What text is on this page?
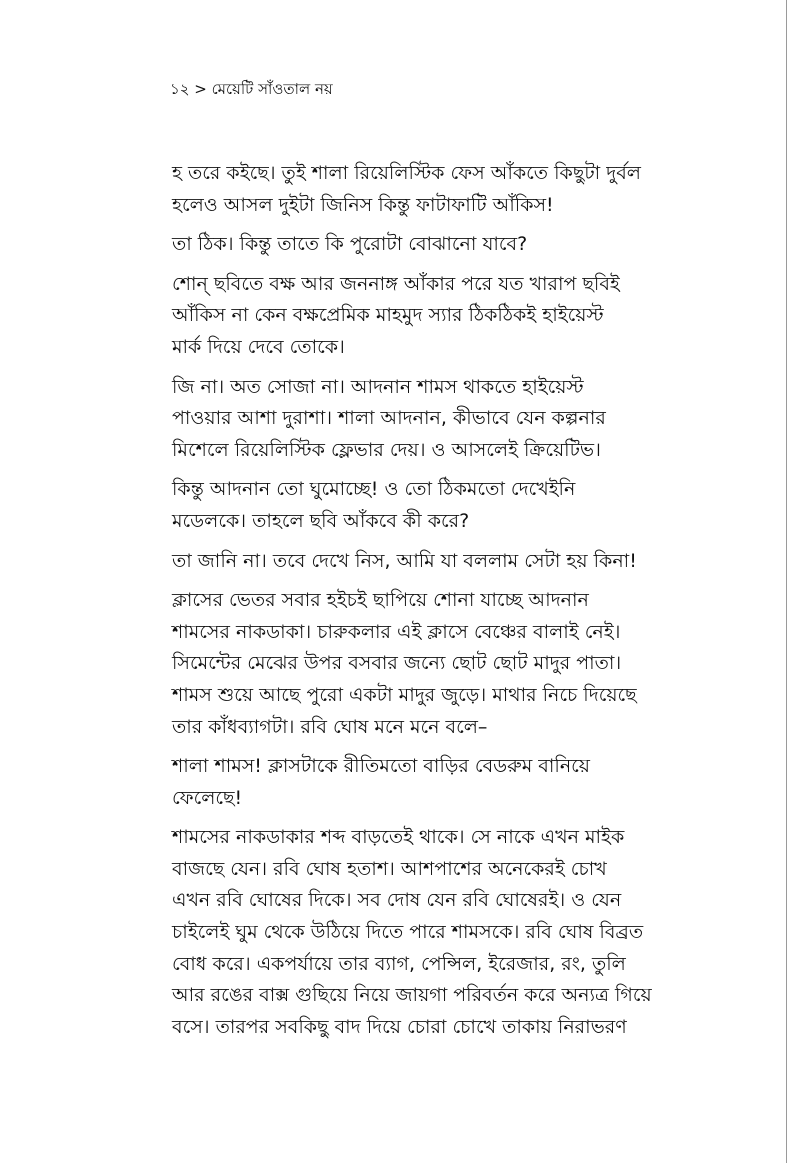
১২ > মেয়েটি সাঁওতাল নয়

হ তরে কইছে। তুই শালা রিয়েলিস্টিক ফেস আঁকতে কিছুটা দুর্বল
হলেও আসল দুইটা জিনিস কিন্তু ফাটাফাটি আঁকিস!

তা ঠিক। কিন্তু তাতে কি পুরোটা বোঝানো যাবে?

শোন্ ছবিতে বক্ষ আর জননাঙ্গ আঁকার পরে যত খারাপ ছবিই
আঁকিস না কেন বক্ষপ্রেমিক মাহমুদ স্যার ঠিকঠিকই হাইয়েস্ট
মার্ক দিয়ে দেবে তোকে।

জি না। অত সোজা না। আদনান শামস থাকতে হাইয়েস্ট
পাওয়ার আশা দুরাশা। শালা আদনান, কীভাবে যেন কল্পনার
মিশেলে রিয়েলিস্টিক ফ্লেভার দেয়। ও আসলেই ক্রিয়েটিভ।

কিন্তু আদনান তো ঘুমোচ্ছে! ও তো ঠিকমতো দেখেইনি
মডেলকে। তাহলে ছবি আঁকবে কী করে?

তা জানি না। তবে দেখে নিস, আমি যা বললাম সেটা হয় কিনা!

ক্লাসের ভেতর সবার হইচই ছাপিয়ে শোনা যাচ্ছে আদনান
শামসের নাকডাকা। চারুকলার এই ক্লাসে বেঞ্চের বালাই নেই।
সিমেন্টের মেঝের উপর বসবার জন্যে ছোট ছোট মাদুর পাতা।
শামস শুয়ে আছে পুরো একটা মাদুর জুড়ে। মাথার নিচে দিয়েছে
তার কাঁধব্যাগটা। রবি ঘোষ মনে মনে বলে–

শালা শামস! ক্লাসটাকে রীতিমতো বাড়ির বেডরুম বানিয়ে
ফেলেছে!

শামসের নাকডাকার শব্দ বাড়তেই থাকে। সে নাকে এখন মাইক
বাজছে যেন। রবি ঘোষ হতাশ। আশপাশের অনেকেরই চোখ
এখন রবি ঘোষের দিকে। সব দোষ যেন রবি ঘোষেরই। ও যেন
চাইলেই ঘুম থেকে উঠিয়ে দিতে পারে শামসকে। রবি ঘোষ বিব্রত
বোধ করে। একপর্যায়ে তার ব্যাগ, পেন্সিল, ইরেজার, রং, তুলি
আর রঙের বাক্স গুছিয়ে নিয়ে জায়গা পরিবর্তন করে অন্যত্র গিয়ে
বসে। তারপর সবকিছু বাদ দিয়ে চোরা চোখে তাকায় নিরাভরণ
